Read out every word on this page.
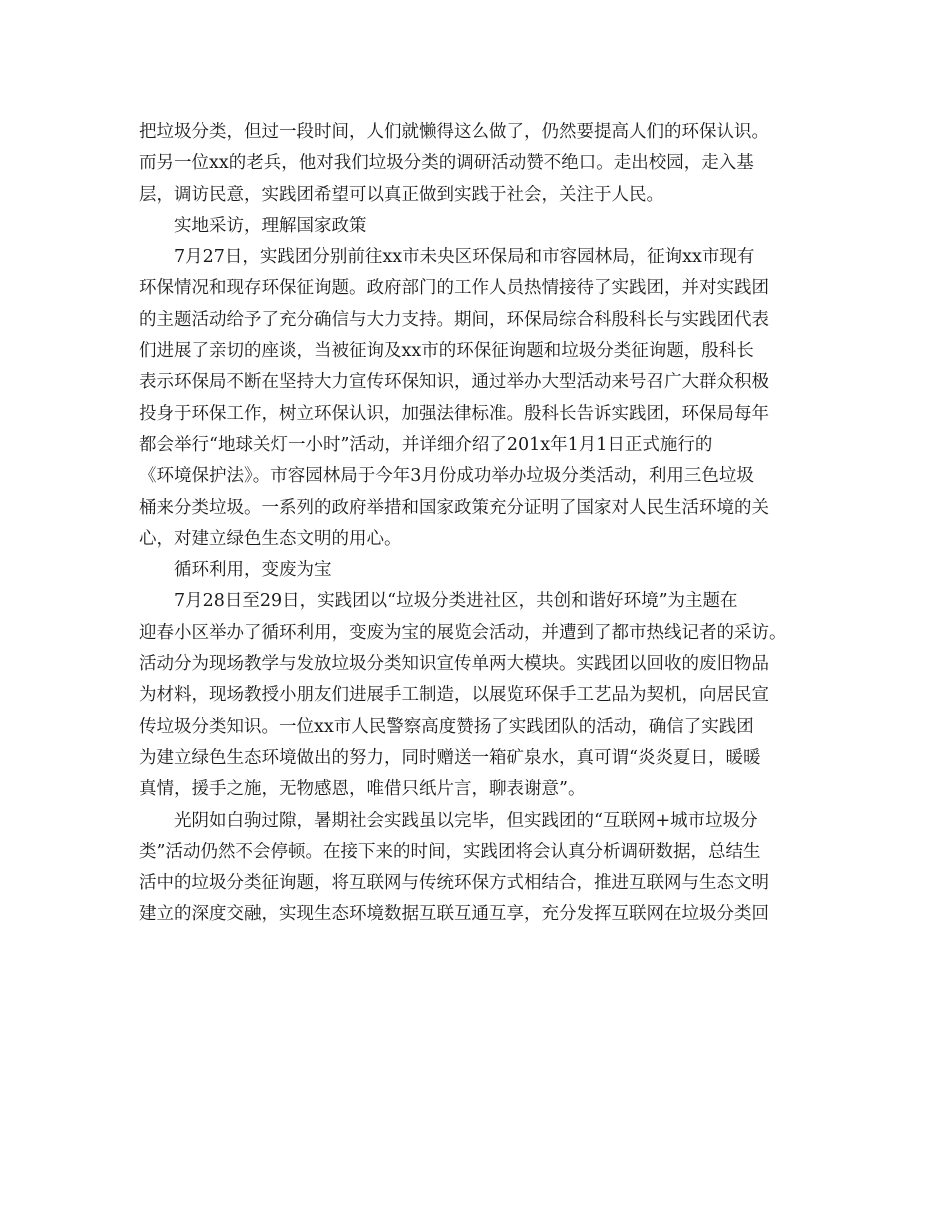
把垃圾分类，但过一段时间，人们就懒得这么做了，仍然要提高人们的环保认识。
而另一位xx的老兵，他对我们垃圾分类的调研活动赞不绝口。走出校园，走入基
层，调访民意，实践团希望可以真正做到实践于社会，关注于人民。
实地采访，理解国家政策
7月27日，实践团分别前往xx市未央区环保局和市容园林局，征询xx市现有
环保情况和现存环保征询题。政府部门的工作人员热情接待了实践团，并对实践团
的主题活动给予了充分确信与大力支持。期间，环保局综合科殷科长与实践团代表
们进展了亲切的座谈，当被征询及xx市的环保征询题和垃圾分类征询题，殷科长
表示环保局不断在坚持大力宣传环保知识，通过举办大型活动来号召广大群众积极
投身于环保工作，树立环保认识，加强法律标准。殷科长告诉实践团，环保局每年
都会举行“地球关灯一小时”活动，并详细介绍了201x年1月1日正式施行的
《环境保护法》。市容园林局于今年3月份成功举办垃圾分类活动，利用三色垃圾
桶来分类垃圾。一系列的政府举措和国家政策充分证明了国家对人民生活环境的关
心，对建立绿色生态文明的用心。
循环利用，变废为宝
7月28日至29日，实践团以“垃圾分类进社区，共创和谐好环境”为主题在
迎春小区举办了循环利用，变废为宝的展览会活动，并遭到了都市热线记者的采访。
活动分为现场教学与发放垃圾分类知识宣传单两大模块。实践团以回收的废旧物品
为材料，现场教授小朋友们进展手工制造，以展览环保手工艺品为契机，向居民宣
传垃圾分类知识。一位xx市人民警察高度赞扬了实践团队的活动，确信了实践团
为建立绿色生态环境做出的努力，同时赠送一箱矿泉水，真可谓“炎炎夏日，暖暖
真情，援手之施，无物感恩，唯借只纸片言，聊表谢意”。
光阴如白驹过隙，暑期社会实践虽以完毕，但实践团的“互联网+城市垃圾分
类”活动仍然不会停顿。在接下来的时间，实践团将会认真分析调研数据，总结生
活中的垃圾分类征询题，将互联网与传统环保方式相结合，推进互联网与生态文明
建立的深度交融，实现生态环境数据互联互通互享，充分发挥互联网在垃圾分类回
